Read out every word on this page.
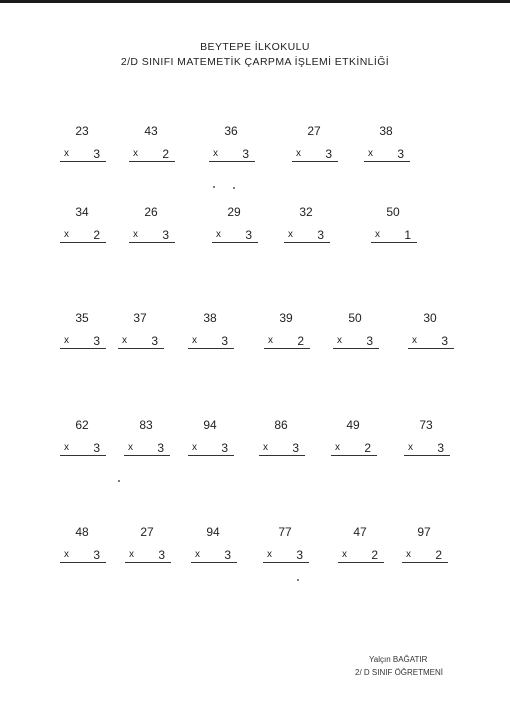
BEYTEPE İLKOKULU
2/D SINIFI MATEMETİK ÇARPMA İŞLEMİ ETKİNLİĞİ
23
x 3
43
x 2
36
x 3
27
x 3
38
x 3
34
x 2
26
x 3
29
x 3
32
x 3
50
x 1
35
x 3
37
x 3
38
x 3
39
x 2
50
x 3
30
x 3
62
x 3
83
x 3
94
x 3
86
x 3
49
x 2
73
x 3
48
x 3
27
x 3
94
x 3
77
x 3
47
x 2
97
x 2
Yalçın BAĞATIR
2/ D SINIF ÖĞRETMENİ
